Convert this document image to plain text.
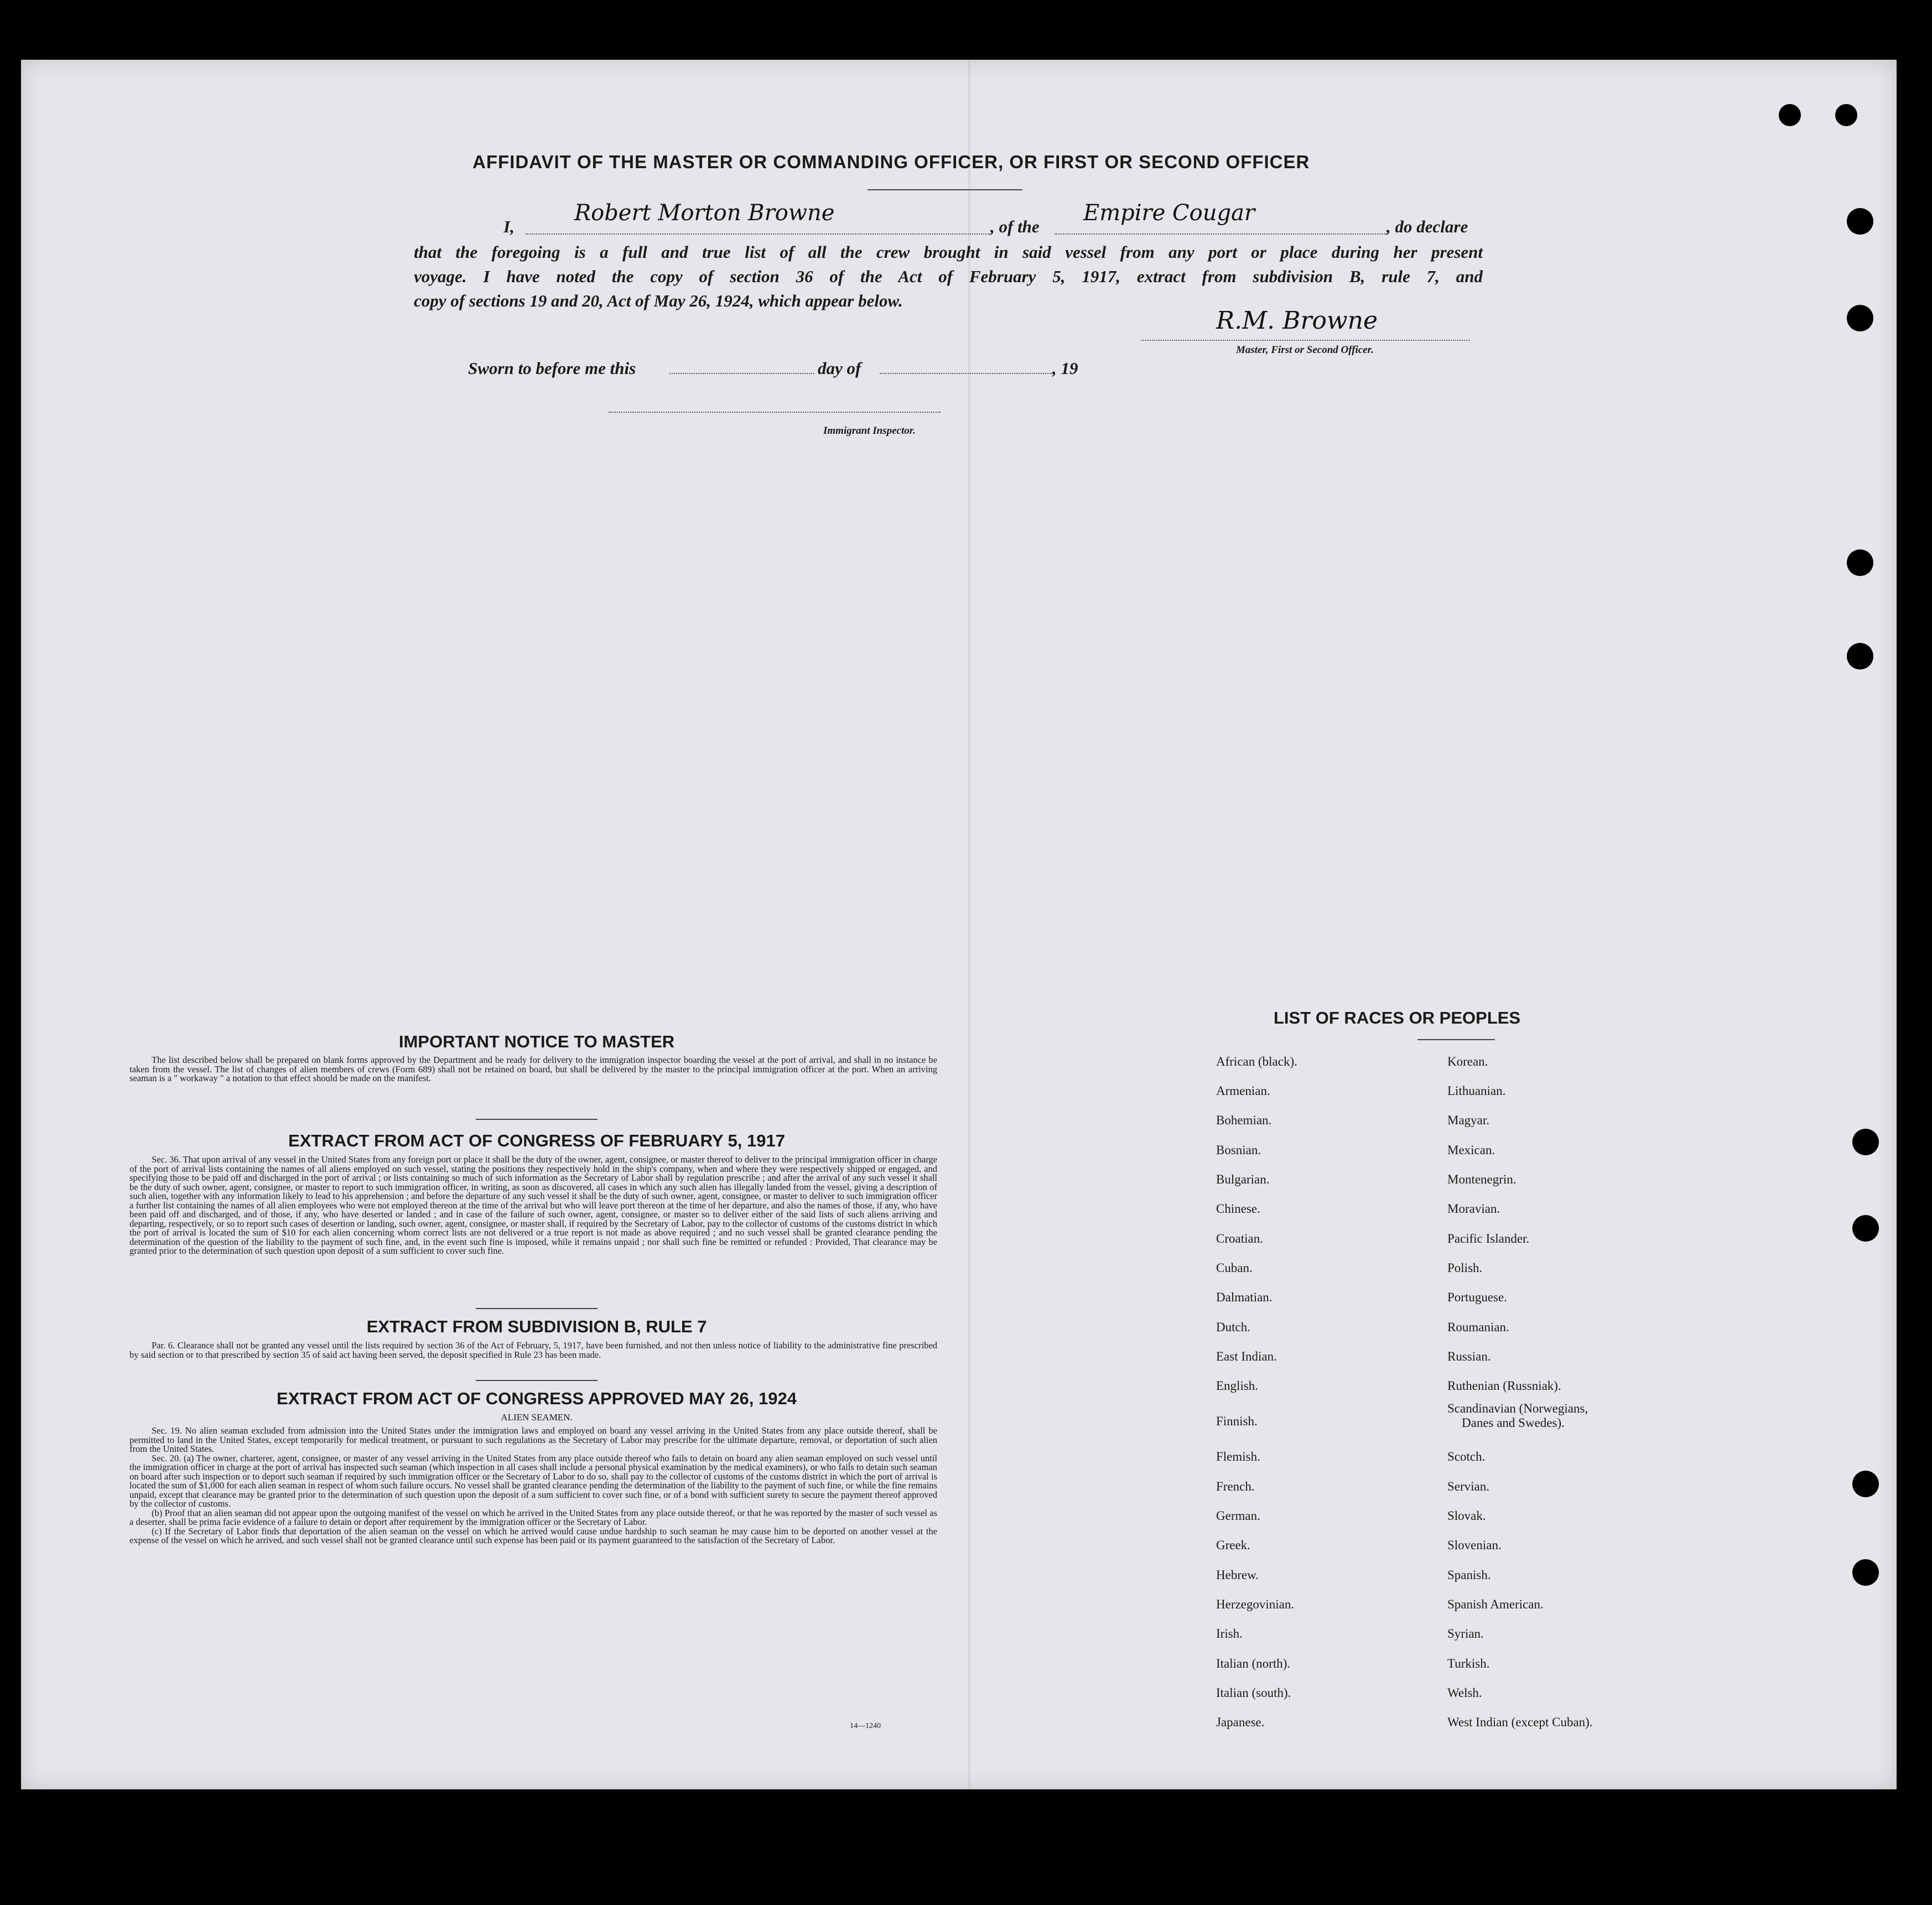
AFFIDAVIT OF THE MASTER OR COMMANDING OFFICER, OR FIRST OR SECOND OFFICER
I,
Robert Morton Browne
, of the
Empire Cougar
, do declare
that the foregoing is a full and true list of all the crew brought in said vessel from any port or place during her present
voyage. I have noted the copy of section 36 of the Act of February 5, 1917, extract from subdivision B, rule 7, and
copy of sections 19 and 20, Act of May 26, 1924, which appear below.
R.M. Browne
Master, First or Second Officer.
Sworn to before me this	day of	, 19
Immigrant Inspector.
IMPORTANT NOTICE TO MASTER

The list described below shall be prepared on blank forms approved by the Department and be ready for delivery to the immigration inspector boarding the vessel at the port of arrival, and shall in no instance be taken from the vessel. The list of changes of alien members of crews (Form 689) shall not be retained on board, but shall be delivered by the master to the principal immigration officer at the port. When an arriving seaman is a " workaway " a notation to that effect should be made on the manifest.

EXTRACT FROM ACT OF CONGRESS OF FEBRUARY 5, 1917

Sec. 36. That upon arrival of any vessel in the United States from any foreign port or place it shall be the duty of the owner, agent, consignee, or master thereof to deliver to the principal immigration officer in charge of the port of arrival lists containing the names of all aliens employed on such vessel, stating the positions they respectively hold in the ship's company, when and where they were respectively shipped or engaged, and specifying those to be paid off and discharged in the port of arrival ; or lists containing so much of such information as the Secretary of Labor shall by regulation prescribe ; and after the arrival of any such vessel it shall be the duty of such owner, agent, consignee, or master to report to such immigration officer, in writing, as soon as discovered, all cases in which any such alien has illegally landed from the vessel, giving a description of such alien, together with any information likely to lead to his apprehension ; and before the departure of any such vessel it shall be the duty of such owner, agent, consignee, or master to deliver to such immigration officer a further list containing the names of all alien employees who were not employed thereon at the time of the arrival but who will leave port thereon at the time of her departure, and also the names of those, if any, who have been paid off and discharged, and of those, if any, who have deserted or landed ; and in case of the failure of such owner, agent, consignee, or master so to deliver either of the said lists of such aliens arriving and departing, respectively, or so to report such cases of desertion or landing, such owner, agent, consignee, or master shall, if required by the Secretary of Labor, pay to the collector of customs of the customs district in which the port of arrival is located the sum of $10 for each alien concerning whom correct lists are not delivered or a true report is not made as above required ; and no such vessel shall be granted clearance pending the determination of the question of the liability to the payment of such fine, and, in the event such fine is imposed, while it remains unpaid ; nor shall such fine be remitted or refunded : Provided, That clearance may be granted prior to the determination of such question upon deposit of a sum sufficient to cover such fine.

EXTRACT FROM SUBDIVISION B, RULE 7

Par. 6. Clearance shall not be granted any vessel until the lists required by section 36 of the Act of February, 5, 1917, have been furnished, and not then unless notice of liability to the administrative fine prescribed by said section or to that prescribed by section 35 of said act having been served, the deposit specified in Rule 23 has been made.

EXTRACT FROM ACT OF CONGRESS APPROVED MAY 26, 1924
ALIEN SEAMEN.

Sec. 19. No alien seaman excluded from admission into the United States under the immigration laws and employed on board any vessel arriving in the United States from any place outside thereof, shall be permitted to land in the United States, except temporarily for medical treatment, or pursuant to such regulations as the Secretary of Labor may prescribe for the ultimate departure, removal, or deportation of such alien from the United States.

Sec. 20. (a) The owner, charterer, agent, consignee, or master of any vessel arriving in the United States from any place outside thereof who fails to detain on board any alien seaman employed on such vessel until the immigration officer in charge at the port of arrival has inspected such seaman (which inspection in all cases shall include a personal physical examination by the medical examiners), or who fails to detain such seaman on board after such inspection or to deport such seaman if required by such immigration officer or the Secretary of Labor to do so, shall pay to the collector of customs of the customs district in which the port of arrival is located the sum of $1,000 for each alien seaman in respect of whom such failure occurs. No vessel shall be granted clearance pending the determination of the liability to the payment of such fine, or while the fine remains unpaid, except that clearance may be granted prior to the determination of such question upon the deposit of a sum sufficient to cover such fine, or of a bond with sufficient surety to secure the payment thereof approved by the collector of customs.

(b) Proof that an alien seaman did not appear upon the outgoing manifest of the vessel on which he arrived in the United States from any place outside thereof, or that he was reported by the master of such vessel as a deserter, shall be prima facie evidence of a failure to detain or deport after requirement by the immigration officer or the Secretary of Labor.

(c) If the Secretary of Labor finds that deportation of the alien seaman on the vessel on which he arrived would cause undue hardship to such seaman he may cause him to be deported on another vessel at the expense of the vessel on which he arrived, and such vessel shall not be granted clearance until such expense has been paid or its payment guaranteed to the satisfaction of the Secretary of Labor.

14—1240
LIST OF RACES OR PEOPLES
African (black).
Armenian.
Bohemian.
Bosnian.
Bulgarian.
Chinese.
Croatian.
Cuban.
Dalmatian.
Dutch.
East Indian.
English.
Finnish.
Flemish.
French.
German.
Greek.
Hebrew.
Herzegovinian.
Irish.
Italian (north).
Italian (south).
Japanese.
Korean.
Lithuanian.
Magyar.
Mexican.
Montenegrin.
Moravian.
Pacific Islander.
Polish.
Portuguese.
Roumanian.
Russian.
Ruthenian (Russniak).
Scandinavian (Norwegians,
Scotch.
Servian.
Slovak.
Slovenian.
Spanish.
Spanish American.
Syrian.
Turkish.
Welsh.
West Indian (except Cuban).
Danes and Swedes).
